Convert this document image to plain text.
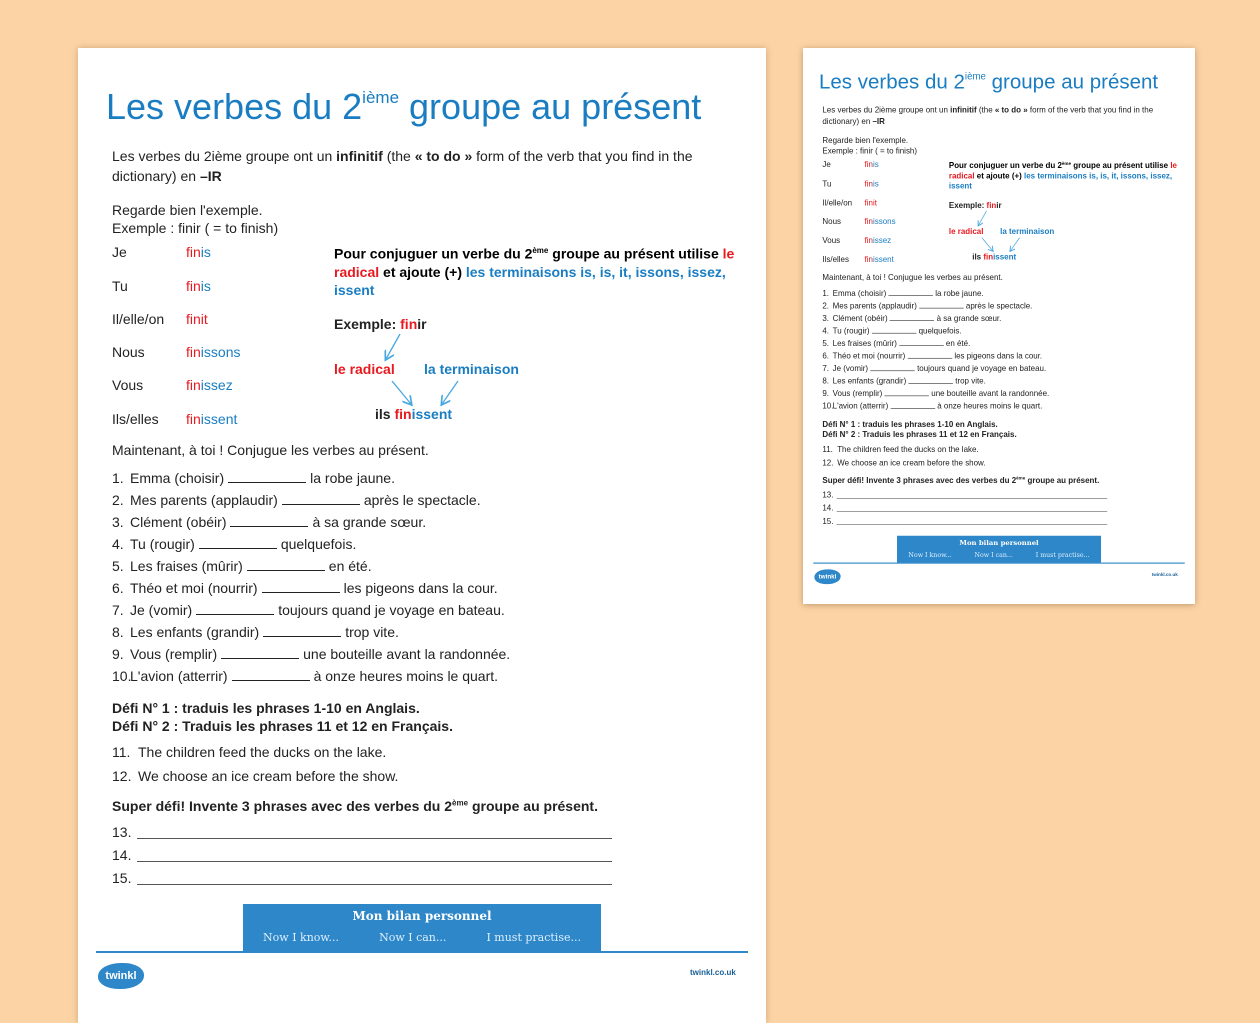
Les verbes du 2ième groupe au présent
Les verbes du 2ième groupe ont un infinitif (the « to do » form of the verb that you find in the dictionary) en –IR
Regarde bien l'exemple.
Exemple : finir ( = to finish)
Je	finis
Tu	finis
Il/elle/on finit
Nous	finissons
Vous	finissez
Ils/elles finissent
Pour conjuguer un verbe du 2ème groupe au présent utilise le radical et ajoute (+) les terminaisons is, is, it, issons, issez, issent
Exemple: finir
le radical la terminaison
ils finissent
Maintenant, à toi ! Conjugue les verbes au présent.
1. Emma (choisir)	la robe jaune.
2. Mes parents (applaudir)	après le spectacle.
3. Clément (obéir)	à sa grande sœur.
4. Tu (rougir)	quelquefois.
5. Les fraises (mûrir)	en été.
6. Théo et moi (nourrir)	les pigeons dans la cour.
7. Je (vomir)	toujours quand je voyage en bateau.
8. Les enfants (grandir)	trop vite.
9. Vous (remplir)	une bouteille avant la randonnée.
10.L'avion (atterrir)	à onze heures moins le quart.
Défi N° 1 : traduis les phrases 1-10 en Anglais.
Défi N° 2 : Traduis les phrases 11 et 12 en Français.
11. The children feed the ducks on the lake.
12. We choose an ice cream before the show.
Super défi! Invente 3 phrases avec des verbes du 2ème groupe au présent.
13.
14.
15.
Mon bilan personnel
Now I know...	Now I can...	I must practise...
twinkl	twinkl.co.uk
Les verbes du 2ième groupe au présent
Les verbes du 2ième groupe ont un infinitif (the « to do » form of the verb that you find in the dictionary) en –IR
Regarde bien l'exemple.
Exemple : finir ( = to finish)
Je finis
Tu finis
Il/elle/on finit
Nous finissons
Vous finissez
Ils/elles finissent
Pour conjuguer un verbe du 2ème groupe au présent utilise le radical et ajoute (+) les terminaisons is, is, it, issons, issez, issent
Exemple: finir
le radical la terminaison
ils finissent
Maintenant, à toi ! Conjugue les verbes au présent.
1. Emma (choisir)	la robe jaune.
2. Mes parents (applaudir)	après le spectacle.
3. Clément (obéir)	à sa grande sœur.
4. Tu (rougir)	quelquefois.
5. Les fraises (mûrir)	en été.
6. Théo et moi (nourrir)	les pigeons dans la cour.
7. Je (vomir)	toujours quand je voyage en bateau.
8. Les enfants (grandir)	trop vite.
9. Vous (remplir)	une bouteille avant la randonnée.
10.L'avion (atterrir)	à onze heures moins le quart.
Défi N° 1 : traduis les phrases 1-10 en Anglais.
Défi N° 2 : Traduis les phrases 11 et 12 en Français.
11. The children feed the ducks on the lake.
12. We choose an ice cream before the show.
Super défi! Invente 3 phrases avec des verbes du 2ème groupe au présent.
13.
14.
15.
Mon bilan personnel
Now I know... Now I can... I must practise...
twinkl	twinkl.co.uk
